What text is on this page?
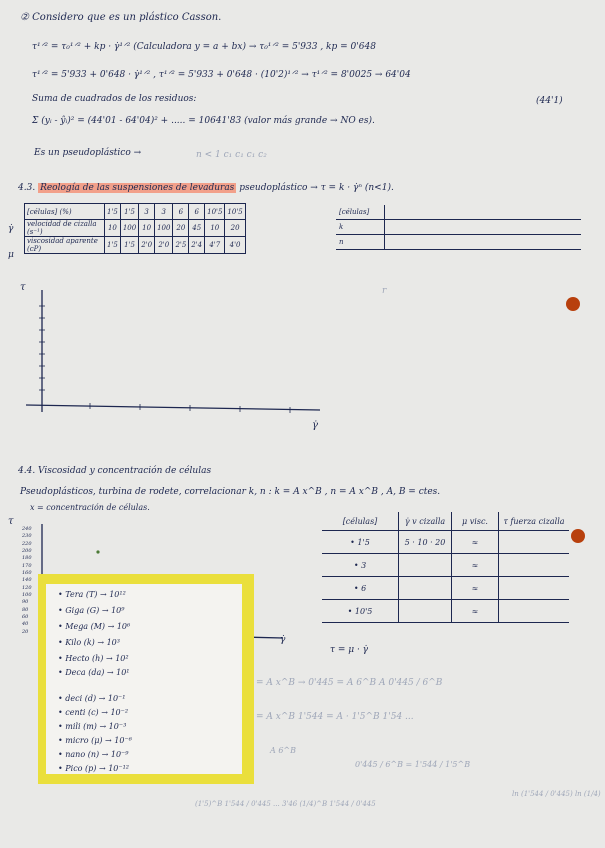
② Considero que es un plástico Casson.
τ¹ᐟ² = τ₀¹ᐟ² + kp · γ̇¹ᐟ² (Calculadora y = a + bx) → τ₀¹ᐟ² = 5'933 , kp = 0'648
τ¹ᐟ² = 5'933 + 0'648 · γ̇¹ᐟ² , τ¹ᐟ² = 5'933 + 0'648 · (10'2)¹ᐟ² → τ¹ᐟ² = 8'0025 → 64'04
Suma de cuadrados de los residuos:	(44'1)
Σ (yᵢ - ŷᵢ)² = (44'01 - 64'04)² + ..... = 10641'83 (valor más grande → NO es).
Es un pseudoplástico →	n < 1 c₁ c₁ c₁ c₂
4.3. Reología de las suspensiones de levaduras pseudoplástico → τ = k · γ̇ⁿ (n<1).
γ̇
μ
[células] (%)	1'5	1'5	3	3	6	6	10'5	10'5
velocidad de cizalla (s⁻¹)	10	100	10	100	20	45	10	20
viscosidad aparente (cP)	1'5	1'5	2'0	2'0	2'5	2'4	4'7	4'0
[células]	
k	
n	
τ
γ̇
r
4.4. Viscosidad y concentración de células
Pseudoplásticos, turbina de rodete, correlacionar k, n : k = A x^B , n = A x^B , A, B = ctes.
x = concentración de células.
τ
γ̇
240
230
220
200
180
170
160
140
120
100
90
80
60
40
20
[células]	γ̇ v cizalla	μ visc.	τ fuerza cizalla
• 1'5	5 · 10 · 20	≈	
• 3		≈	
• 6		≈	
• 10'5		≈	
τ = μ · γ̇
• Tera (T) → 10¹²
• Giga (G) → 10⁹
• Mega (M) → 10⁶
• Kilo (k) → 10³
• Hecto (h) → 10²
• Deca (da) → 10¹
• deci (d) → 10⁻¹
• centi (c) → 10⁻²
• mili (m) → 10⁻³
• micro (μ) → 10⁻⁶
• nano (n) → 10⁻⁹
• Pico (p) → 10⁻¹²
= A x^B → 0'445 = A 6^B A 0'445 / 6^B
= A x^B 1'544 = A · 1'5^B 1'54 ...
A 6^B
0'445 / 6^B = 1'544 / 1'5^B
(1'5)^B 1'544 / 0'445 ... 3'46 (1/4)^B 1'544 / 0'445
ln (1'544 / 0'445) ln (1/4)
